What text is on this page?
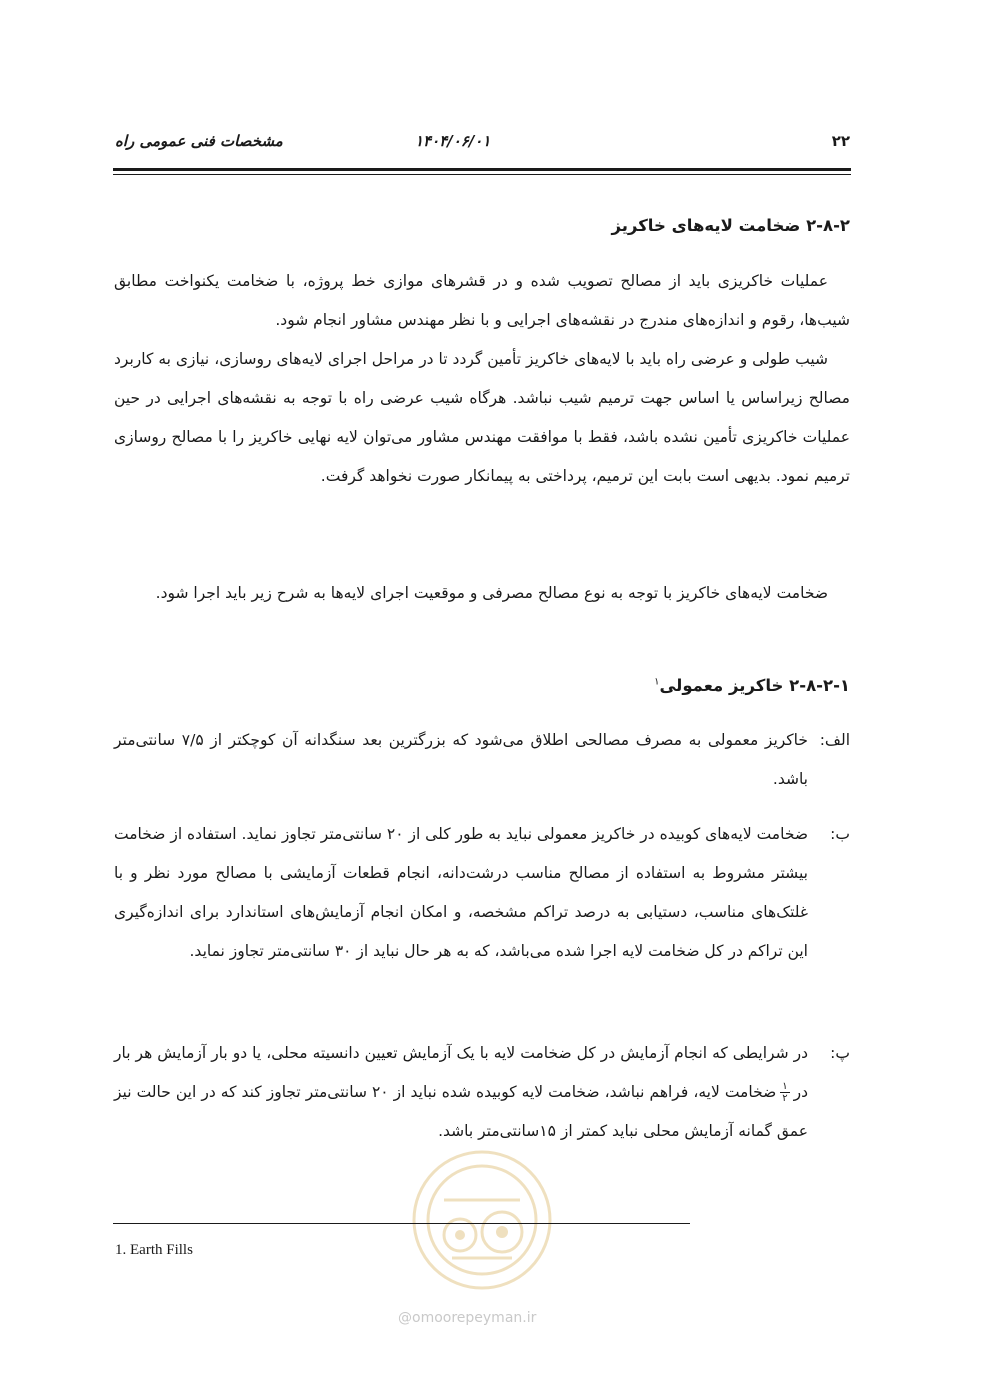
۲۲
۱۴۰۴/۰۶/۰۱
مشخصات فنی عمومی راه
۲-۸-۲ ضخامت لایه‌های خاکریز

عملیات خاکریزی باید از مصالح تصویب شده و در قشرهای موازی خط پروژه، با ضخامت یکنواخت مطابق شیب‌ها، رقوم و اندازه‌های مندرج در نقشه‌های اجرایی و با نظر مهندس مشاور انجام شود.

شیب طولی و عرضی راه باید با لایه‌های خاکریز تأمین گردد تا در مراحل اجرای لایه‌های روسازی، نیازی به کاربرد مصالح زیراساس یا اساس جهت ترمیم شیب نباشد. هرگاه شیب عرضی راه با توجه به نقشه‌های اجرایی در حین عملیات خاکریزی تأمین نشده باشد، فقط با موافقت مهندس مشاور می‌توان لایه نهایی خاکریز را با مصالح روسازی ترمیم نمود. بدیهی است بابت این ترمیم، پرداختی به پیمانکار صورت نخواهد گرفت.

ضخامت لایه‌های خاکریز با توجه به نوع مصالح مصرفی و موقعیت اجرای لایه‌ها به شرح زیر باید اجرا شود.

۲-۸-۲-۱ خاکریز معمولی$^۱$
الف:
خاکریز معمولی به مصرف مصالحی اطلاق می‌شود که بزرگترین بعد سنگدانه آن کوچکتر از ۷/۵ سانتی‌متر باشد.
ب:
ضخامت لایه‌های کوبیده در خاکریز معمولی نباید به طور کلی از ۲۰ سانتی‌متر تجاوز نماید. استفاده از ضخامت بیشتر مشروط به استفاده از مصالح مناسب درشت‌دانه، انجام قطعات آزمایشی با مصالح مورد نظر و با غلتک‌های مناسب، دستیابی به درصد تراکم مشخصه، و امکان انجام آزمایش‌های استاندارد برای اندازه‌گیری این تراکم در کل ضخامت لایه اجرا شده می‌باشد، که به هر حال نباید از ۳۰ سانتی‌متر تجاوز نماید.
پ:
در شرایطی که انجام آزمایش در کل ضخامت لایه با یک آزمایش تعیین دانسیته محلی، یا دو بار آزمایش هر بار در
$\frac{۱}{۲}$
ضخامت لایه، فراهم نباشد، ضخامت لایه کوبیده شده نباید از ۲۰ سانتی‌متر تجاوز کند که در این حالت نیز عمق گمانه آزمایش محلی نباید کمتر از ۱۵سانتی‌متر باشد.
@omoorepeyman.ir
1. Earth Fills
